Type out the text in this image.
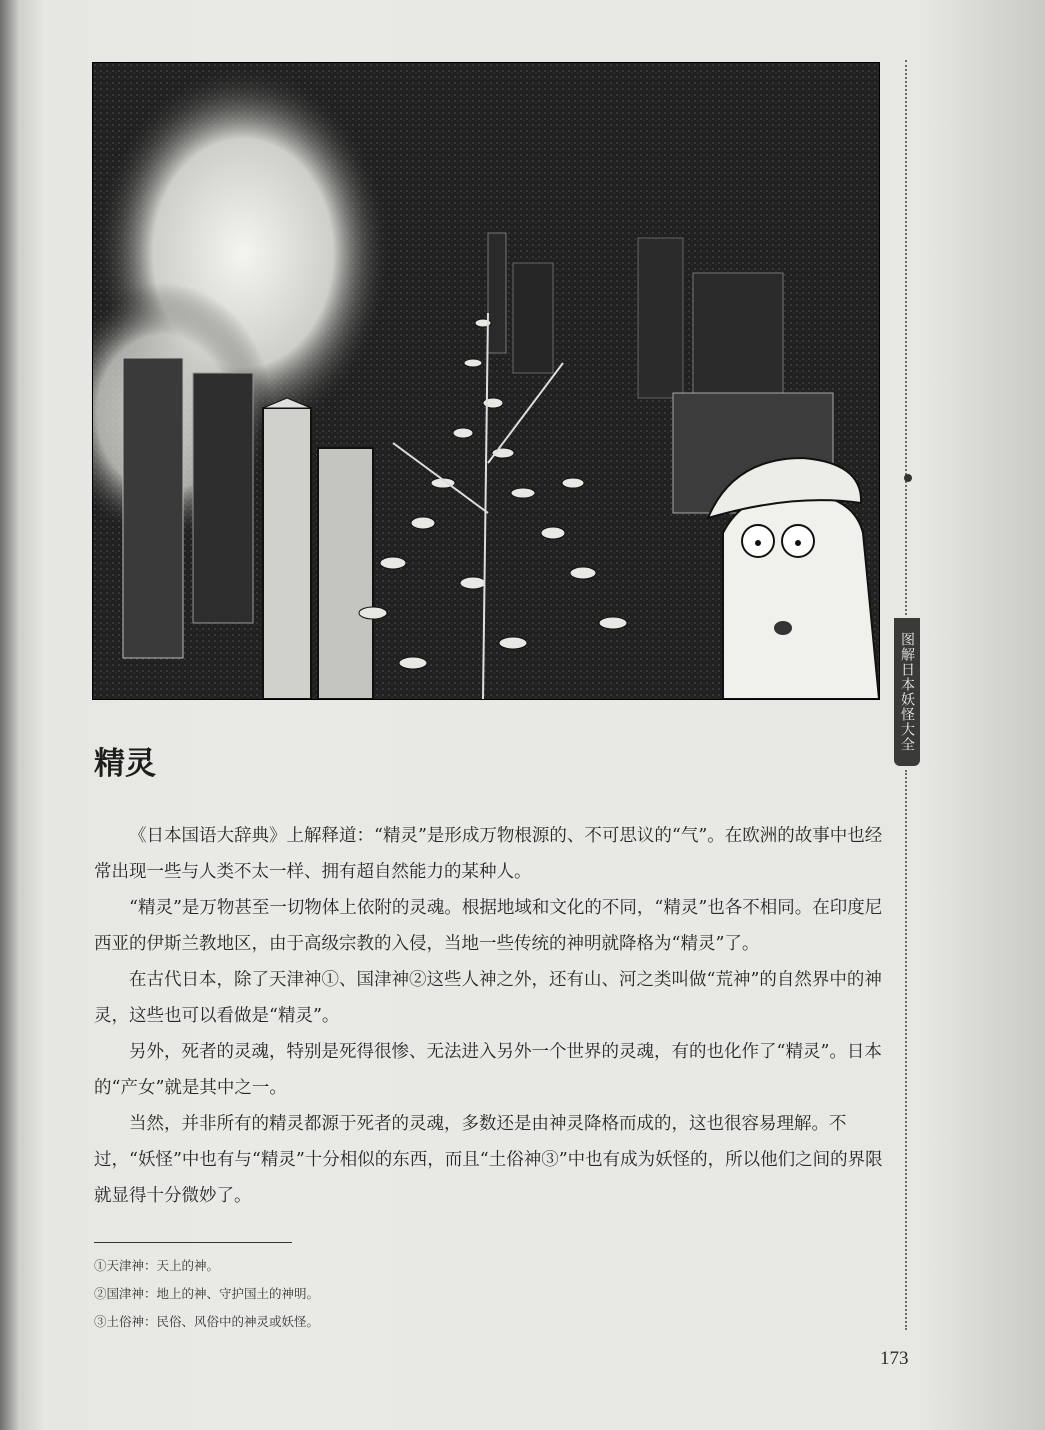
图解日本妖怪大全
精灵

《日本国语大辞典》上解释道：“精灵”是形成万物根源的、不可思议的“气”。在欧洲的故事中也经常出现一些与人类不太一样、拥有超自然能力的某种人。

“精灵”是万物甚至一切物体上依附的灵魂。根据地域和文化的不同，“精灵”也各不相同。在印度尼西亚的伊斯兰教地区，由于高级宗教的入侵，当地一些传统的神明就降格为“精灵”了。

在古代日本，除了天津神①、国津神②这些人神之外，还有山、河之类叫做“荒神”的自然界中的神灵，这些也可以看做是“精灵”。

另外，死者的灵魂，特别是死得很惨、无法进入另外一个世界的灵魂，有的也化作了“精灵”。日本的“产女”就是其中之一。

当然，并非所有的精灵都源于死者的灵魂，多数还是由神灵降格而成的，这也很容易理解。不过，“妖怪”中也有与“精灵”十分相似的东西，而且“土俗神③”中也有成为妖怪的，所以他们之间的界限就显得十分微妙了。

①天津神：天上的神。
②国津神：地上的神、守护国土的神明。
③土俗神：民俗、风俗中的神灵或妖怪。
173
